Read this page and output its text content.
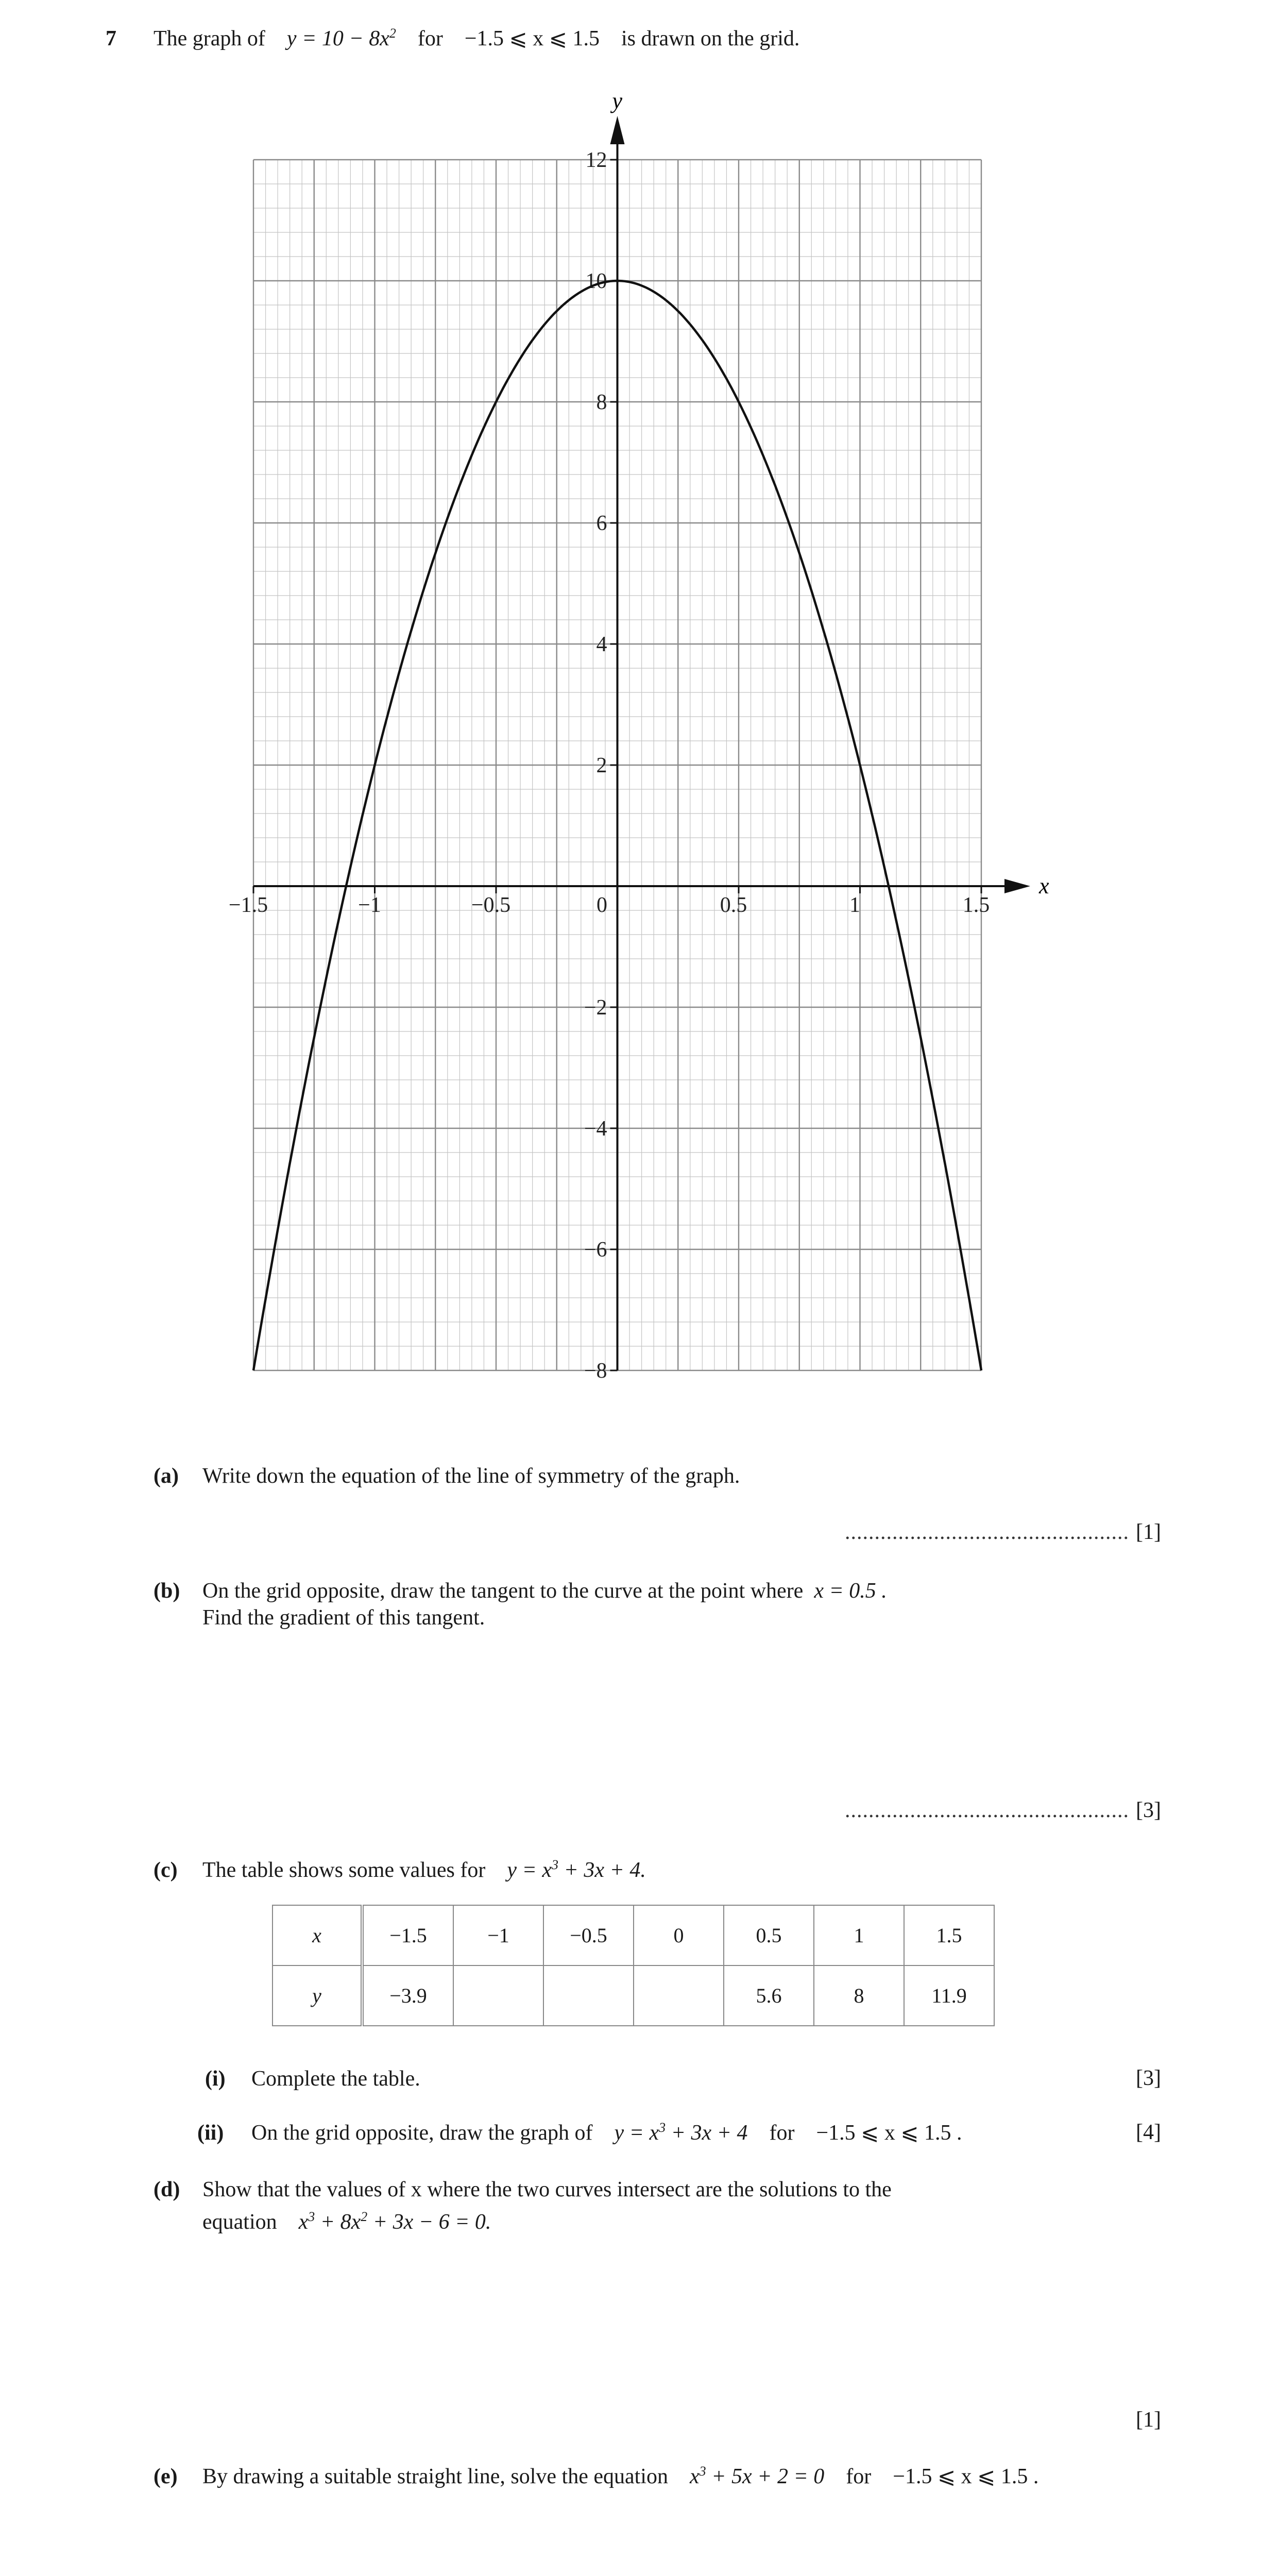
7 The graph of $y = 10 - 8x^2$ for −1.5 ⩽ x ⩽ 1.5 is drawn on the grid.
−1.5	−1	−0.5	0	0.5	1	1.5
−8
−6
−4
−2
2
4
6
8
10
12
x
y
(a) Write down the equation of the line of symmetry of the graph.
................................................ [1]
(b) On the grid opposite, draw the tangent to the curve at the point where x = 0.5 .
Find the gradient of this tangent.
................................................ [3]
(c) The table shows some values for $y = x^3 + 3x + 4$.
x	−1.5	−1	−0.5	0	0.5	1	1.5
y	−3.9				5.6	8	11.9
(i) Complete the table.	[3]
(ii) On the grid opposite, draw the graph of $y = x^3 + 3x + 4$ for −1.5 ⩽ x ⩽ 1.5 .	[4]
(d) Show that the values of x where the two curves intersect are the solutions to the
equation $x^3 + 8x^2 + 3x - 6 = 0$.
[1]
(e) By drawing a suitable straight line, solve the equation $x^3 + 5x + 2 = 0$ for −1.5 ⩽ x ⩽ 1.5 .
